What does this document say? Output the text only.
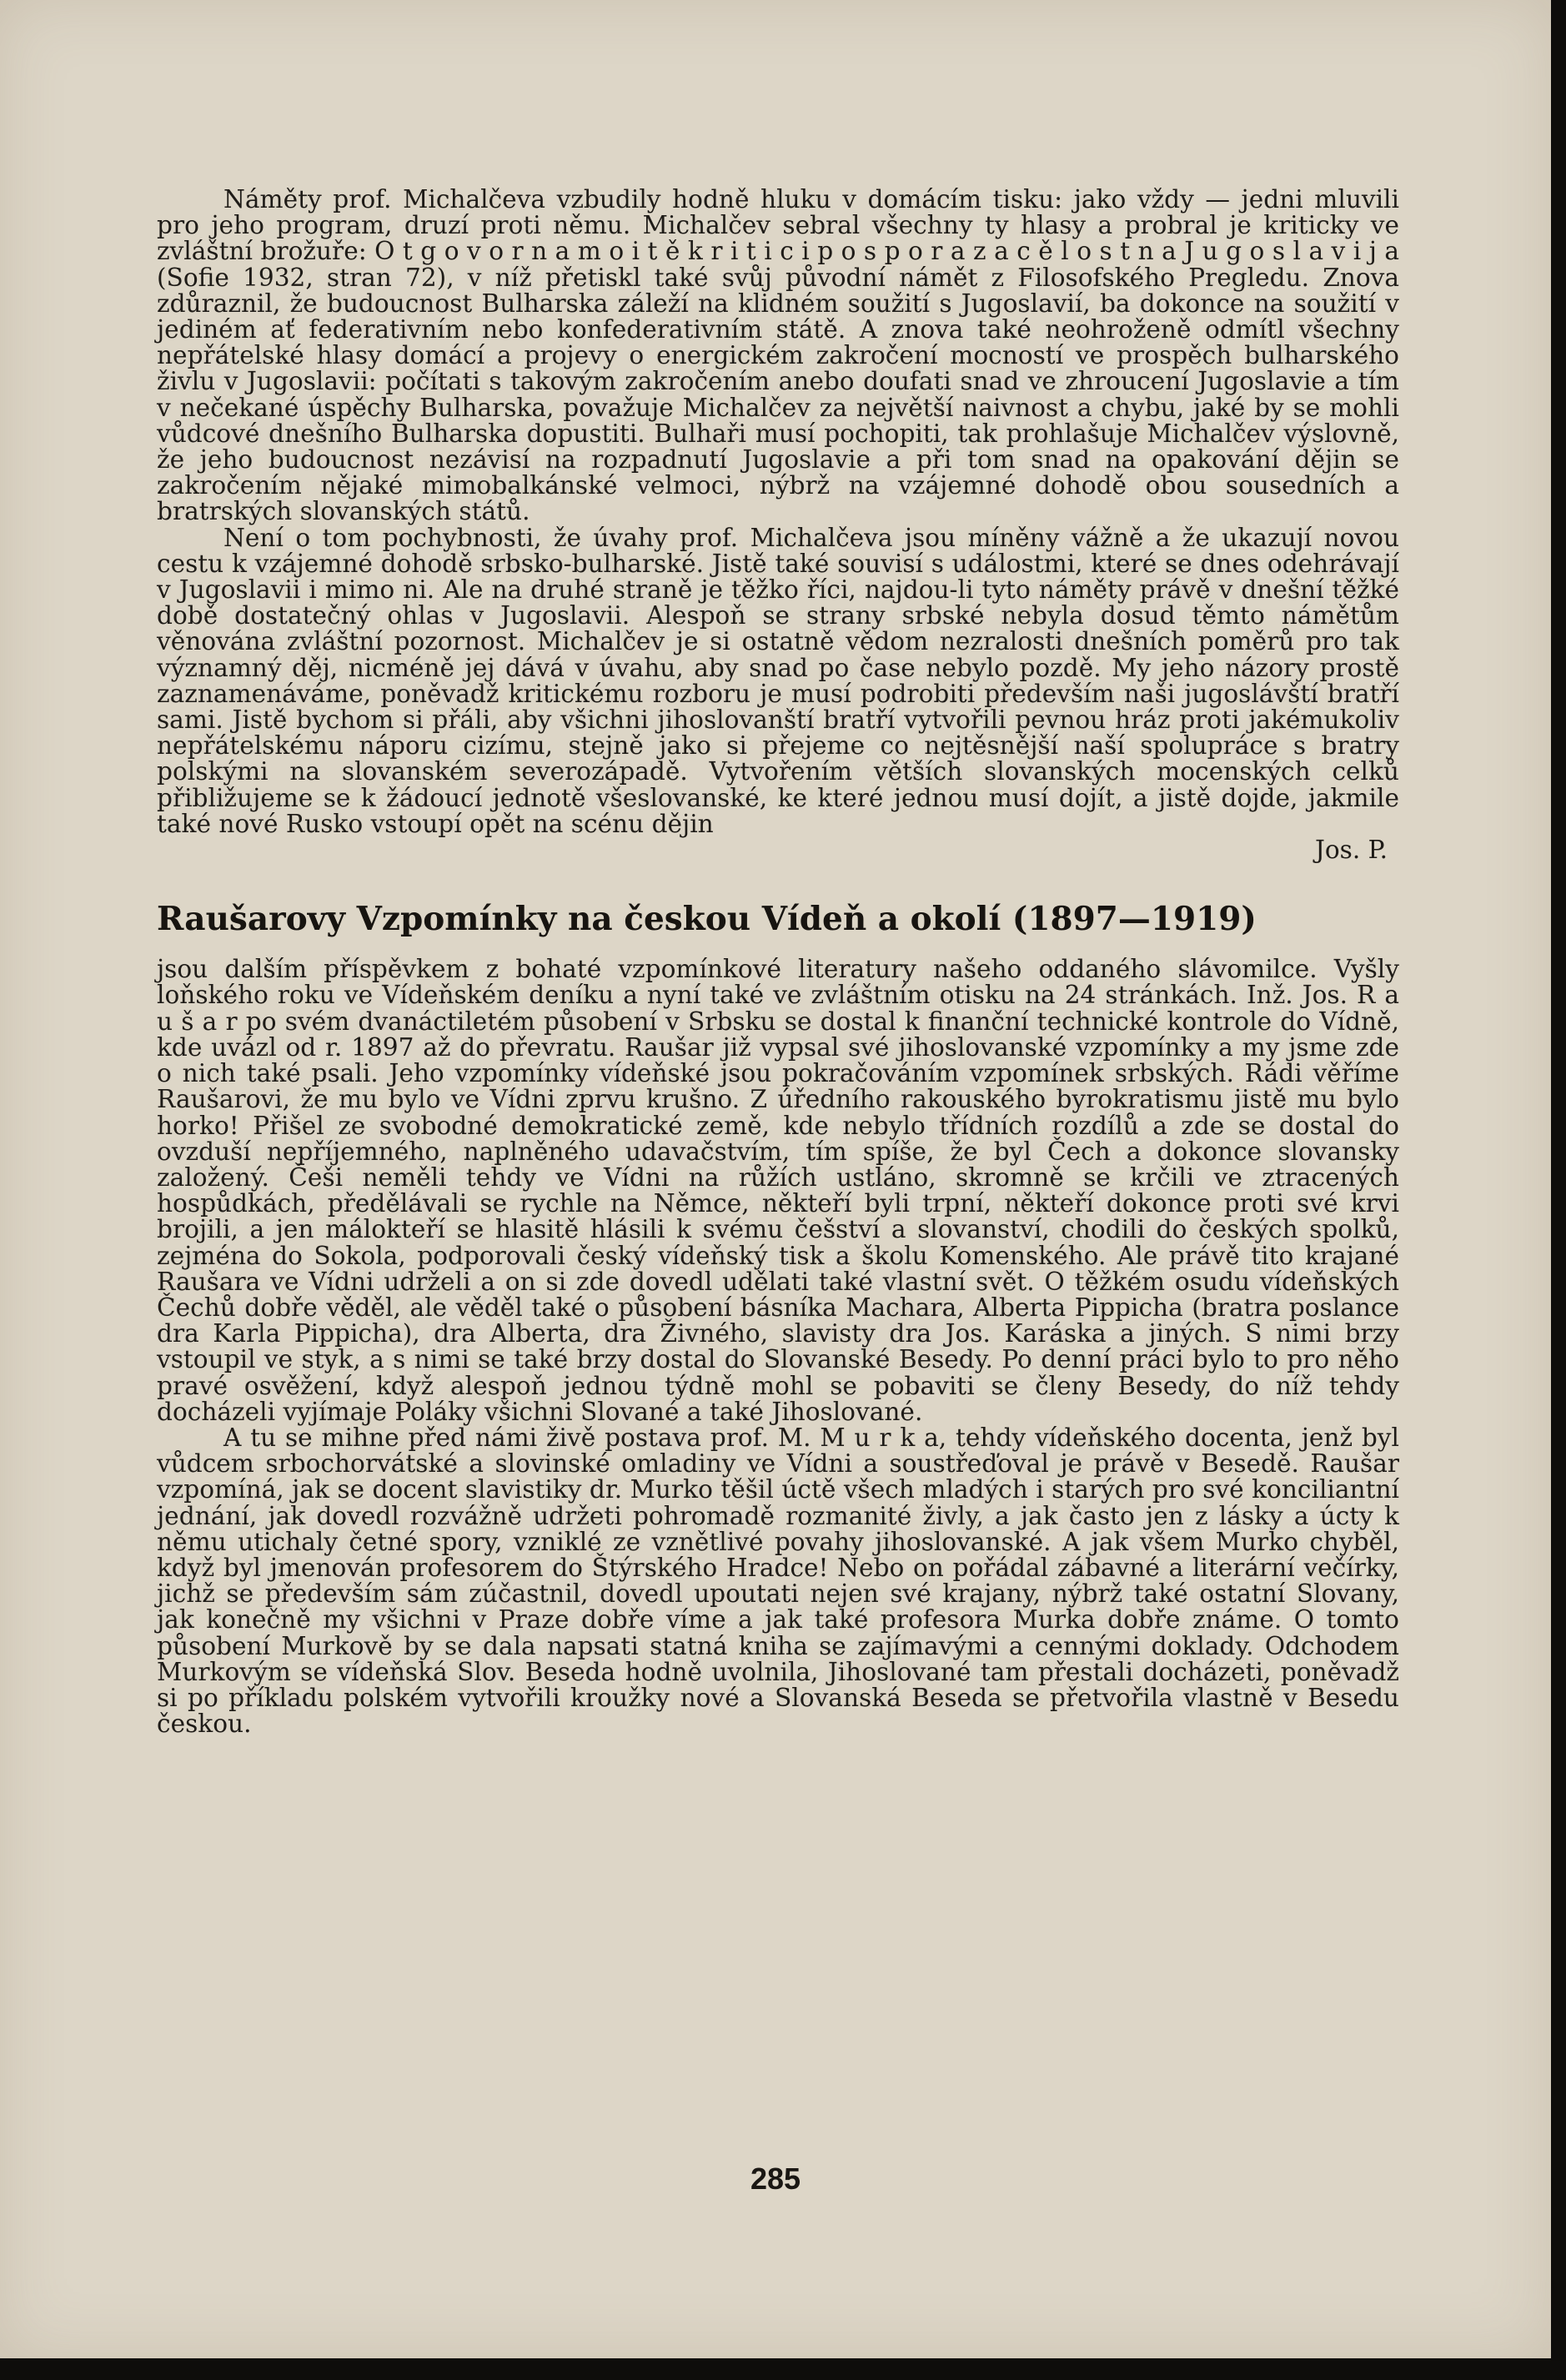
Náměty prof. Michalčeva vzbudily hodně hluku v domácím tisku: jako vždy — jedni mluvili pro jeho program, druzí proti němu. Michalčev sebral všechny ty hlasy a probral je kriticky ve zvláštní brožuře: O t g o v o r n a m o i t ě k r i t i c i p o s p o r a z a c ě l o s t n a J u g o s l a v i j a (Sofie 1932, stran 72), v níž přetiskl také svůj původní námět z Filosofského Pregledu. Znova zdůraznil, že budoucnost Bulharska záleží na klidném soužití s Jugoslavií, ba dokonce na soužití v jediném ať federativním nebo konfederativním státě. A znova také neohroženě odmítl všechny nepřátelské hlasy domácí a projevy o energickém zakročení mocností ve prospěch bulharského živlu v Jugoslavii: počítati s takovým zakročením anebo doufati snad ve zhroucení Jugoslavie a tím v nečekané úspěchy Bulharska, považuje Michalčev za největší naivnost a chybu, jaké by se mohli vůdcové dnešního Bulharska dopustiti. Bulhaři musí pochopiti, tak prohlašuje Michalčev výslovně, že jeho budoucnost nezávisí na rozpadnutí Jugoslavie a při tom snad na opakování dějin se zakročením nějaké mimobalkánské velmoci, nýbrž na vzájemné dohodě obou sousedních a bratrských slovanských států.

Není o tom pochybnosti, že úvahy prof. Michalčeva jsou míněny vážně a že ukazují novou cestu k vzájemné dohodě srbsko-bulharské. Jistě také souvisí s událostmi, které se dnes odehrávají v Jugoslavii i mimo ni. Ale na druhé straně je těžko říci, najdou-li tyto náměty právě v dnešní těžké době dostatečný ohlas v Jugoslavii. Alespoň se strany srbské nebyla dosud těmto námětům věnována zvláštní pozornost. Michalčev je si ostatně vědom nezralosti dnešních poměrů pro tak významný děj, nicméně jej dává v úvahu, aby snad po čase nebylo pozdě. My jeho názory prostě zaznamenáváme, poněvadž kritickému rozboru je musí podrobiti především naši jugoslávští bratří sami. Jistě bychom si přáli, aby všichni jihoslovanští bratří vytvořili pevnou hráz proti jakémukoliv nepřátelskému náporu cizímu, stejně jako si přejeme co nejtěsnější naší spolupráce s bratry polskými na slovanském severozápadě. Vytvořením větších slovanských mocenských celků přibližujeme se k žádoucí jednotě všeslovanské, ke které jednou musí dojít, a jistě dojde, jakmile také nové Rusko vstoupí opět na scénu dějin

Jos. P.

Raušarovy Vzpomínky na českou Vídeň a okolí (1897—1919)

jsou dalším příspěvkem z bohaté vzpomínkové literatury našeho oddaného slávomilce. Vyšly loňského roku ve Vídeňském deníku a nyní také ve zvláštním otisku na 24 stránkách. Inž. Jos. R a u š a r po svém dvanáctiletém působení v Srbsku se dostal k finanční technické kontrole do Vídně, kde uvázl od r. 1897 až do převratu. Raušar již vypsal své jihoslovanské vzpomínky a my jsme zde o nich také psali. Jeho vzpomínky vídeňské jsou pokračováním vzpomínek srbských. Rádi věříme Raušarovi, že mu bylo ve Vídni zprvu krušno. Z úředního rakouského byrokratismu jistě mu bylo horko! Přišel ze svobodné demokratické země, kde nebylo třídních rozdílů a zde se dostal do ovzduší nepříjemného, naplněného udavačstvím, tím spíše, že byl Čech a dokonce slovansky založený. Češi neměli tehdy ve Vídni na růžích ustláno, skromně se krčili ve ztracených hospůdkách, předělávali se rychle na Němce, někteří byli trpní, někteří dokonce proti své krvi brojili, a jen málokteří se hlasitě hlásili k svému češství a slovanství, chodili do českých spolků, zejména do Sokola, podporovali český vídeňský tisk a školu Komenského. Ale právě tito krajané Raušara ve Vídni udrželi a on si zde dovedl udělati také vlastní svět. O těžkém osudu vídeňských Čechů dobře věděl, ale věděl také o působení básníka Machara, Alberta Pippicha (bratra poslance dra Karla Pippicha), dra Alberta, dra Živného, slavisty dra Jos. Karáska a jiných. S nimi brzy vstoupil ve styk, a s nimi se také brzy dostal do Slovanské Besedy. Po denní práci bylo to pro něho pravé osvěžení, když alespoň jednou týdně mohl se pobaviti se členy Besedy, do níž tehdy docházeli vyjímaje Poláky všichni Slované a také Jihoslované.

A tu se mihne před námi živě postava prof. M. M u r k a, tehdy vídeňského docenta, jenž byl vůdcem srbochorvátské a slovinské omladiny ve Vídni a soustřeďoval je právě v Besedě. Raušar vzpomíná, jak se docent slavistiky dr. Murko těšil úctě všech mladých i starých pro své konciliantní jednání, jak dovedl rozvážně udržeti pohromadě rozmanité živly, a jak často jen z lásky a úcty k němu utichaly četné spory, vzniklé ze vznětlivé povahy jihoslovanské. A jak všem Murko chyběl, když byl jmenován profesorem do Štýrského Hradce! Nebo on pořádal zábavné a literární večírky, jichž se především sám zúčastnil, dovedl upoutati nejen své krajany, nýbrž také ostatní Slovany, jak konečně my všichni v Praze dobře víme a jak také profesora Murka dobře známe. O tomto působení Murkově by se dala napsati statná kniha se zajímavými a cennými doklady. Odchodem Murkovým se vídeňská Slov. Beseda hodně uvolnila, Jihoslované tam přestali docházeti, poněvadž si po příkladu polském vytvořili kroužky nové a Slovanská Beseda se přetvořila vlastně v Besedu českou.

285
